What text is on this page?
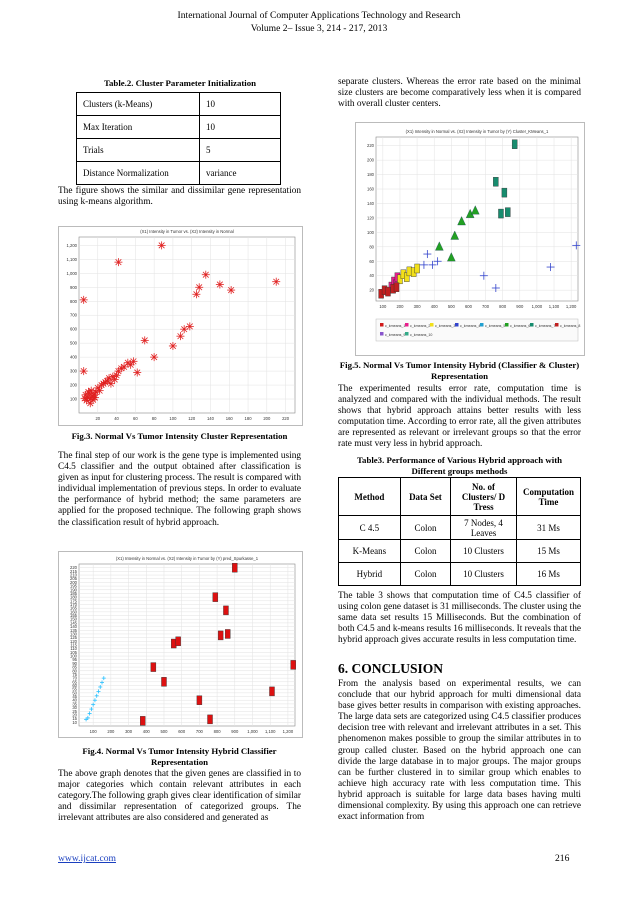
International Journal of Computer Applications Technology and Research
Volume 2– Issue 3, 214 - 217, 2013
Table.2. Cluster Parameter Initialization
Clusters (k-Means)	10
Max Iteration	10
Trials	5
Distance Normalization	variance
The figure shows the similar and dissimilar gene representation using k-means algorithm.
20	40	60	80	100	120	140	160	180	200	220
100
200
300
400
500
600
700
800
900
1,000
1,100
1,200
(X1) Intensity in Tumor vs. (X2) Intensity in Normal
Fig.3. Normal Vs Tumor Intensity Cluster Representation
The final step of our work is the gene type is implemented using C4.5 classifier and the output obtained after classification is given as input for clustering process. The result is compared with individual implementation of previous steps. In order to evaluate the performance of hybrid method; the same parameters are applied for the proposed technique. The following graph shows the classification result of hybrid approach.
100	200	300	400	500	600	700	800	900 1,000 1,100 1,200
10
15
20
25
30
35
40
45
50
55
60
65
70
75
80
85
90
95
100
105
110
115
120
125
130
135
140
145
150
155
160
165
170
175
180
185
190
195
200
205
210
215
220
(X1) Intensity in Normal vs. (X2) Intensity in Tumor by (Y) pred_Spurkasse_1
Fig.4. Normal Vs Tumor Intensity Hybrid Classifier
Representation
The above graph denotes that the given genes are classified in to major categories which contain relevant attributes in each category.The following graph gives clear identification of similar and dissimilar representation of categorized groups. The irrelevant attributes are also considered and generated as
separate clusters. Whereas the error rate based on the minimal size clusters are become comparatively less when it is compared with overall cluster centers.
100 200 300 400 500 600 700 800 900 1,000 1,100 1,200
20
40
60
80
100
120
140
160
180
200
220
(X1) Intensity in Normal vs. (X2) Intensity in Tumor by (Y) Cluster_KMeans_1
c_kmeans_1 c_kmeans_2 c_kmeans_3 c_kmeans_4 c_kmeans_5 c_kmeans_6 c_kmeans_7 c_kmeans_8
c_kmeans_9 c_kmeans_10
Fig.5. Normal Vs Tumor Intensity Hybrid (Classifier & Cluster)
Representation
The experimented results error rate, computation time is analyzed and compared with the individual methods. The result shows that hybrid approach attains better results with less computation time. According to error rate, all the given attributes are represented as relevant or irrelevant groups so that the error rate must very less in hybrid approach.
Table3. Performance of Various Hybrid approach with
Different groups methods
Method	Data Set	No. of Clusters/ D Tress	Computation Time
C 4.5	Colon	7 Nodes, 4 Leaves	31 Ms
K-Means	Colon	10 Clusters	15 Ms
Hybrid	Colon	10 Clusters	16 Ms
The table 3 shows that computation time of C4.5 classifier of using colon gene dataset is 31 milliseconds. The cluster using the same data set results 15 Milliseconds. But the combination of both C4.5 and k-means results 16 milliseconds. It reveals that the hybrid approach gives accurate results in less computation time.
6. CONCLUSION
From the analysis based on experimental results, we can conclude that our hybrid approach for multi dimensional data base gives better results in comparison with existing approaches. The large data sets are categorized using C4.5 classifier produces decision tree with relevant and irrelevant attributes in a set. This phenomenon makes possible to group the similar attributes in to group called cluster. Based on the hybrid approach one can divide the large database in to major groups. The major groups can be further clustered in to similar group which enables to achieve high accuracy rate with less computation time. This hybrid approach is suitable for large data bases having multi dimensional complexity. By using this approach one can retrieve exact information from
www.ijcat.com	216
